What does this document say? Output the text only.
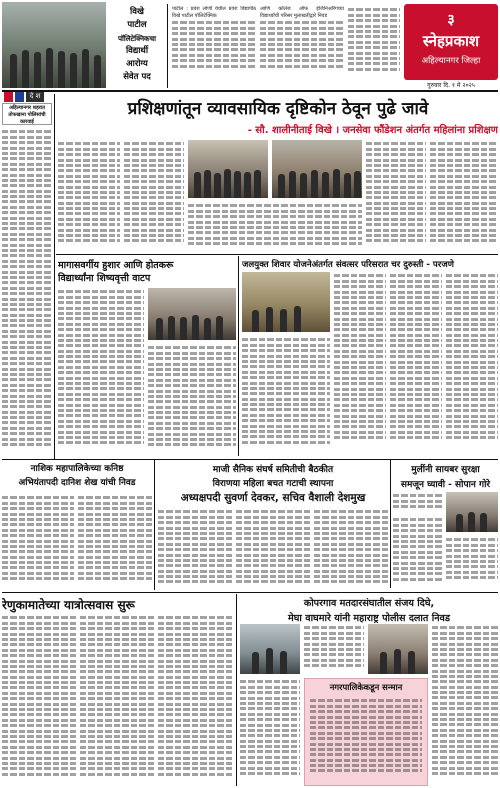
विखे
पाटील
पॉलिटेक्निकचा
विद्यार्थी
आरोग्य
सेवेत पद
पाटील : प्रवरा लोणी येथील प्रवरा विद्यापीठ विखे पाटील पॉलिटेक्निक
आणि कॉलेज ऑफ इंजिनिअरिंगच्या विद्यार्थ्यांची परिसर मुलाखतीद्वारे निवड	३
स्नेहप्रकाश
अहिल्यानगर जिल्हा
गुरुवार दि. १ मे २०२५
दे श
प्रशिक्षणांतून व्यावसायिक दृष्टिकोन ठेवून पुढे जावे
- सौ. शालीनीताई विखे । जनसेवा फौंडेशन अंतर्गत महिलांना प्रशिक्षण
अहिल्यानगर शहरात
तोफखाना पोलिसांची कारवाई
मागासवर्गीय हुशार आणि होतकरू
विद्यार्थ्यांना शिष्यवृत्ती वाटप
जलयुक्त शिवार योजनेअंतर्गत संवत्सर परिसरात चर दुरुस्ती - परजणे
नाशिक महापालिकेच्या कनिष्ठ
अभियंतापदी दानिश शेख यांची निवड
माजी सैनिक संघर्ष समितीची बैठकीत
विराणया महिला बचत गटाची स्थापना
अध्यक्षपदी सुवर्णा देवकर, सचिव वैशाली देशमुख
मुलींनी सायबर सुरक्षा
समजून घ्यावी - सोपान गोरे
रेणुकामातेच्या यात्रोत्सवास सुरू	कोपरगाव मतदारसंघातील संजय दिघे,
मेघा वाघमारे यांनी महाराष्ट्र पोलीस दलात निवड
नगरपालिकेकडून सन्मान
